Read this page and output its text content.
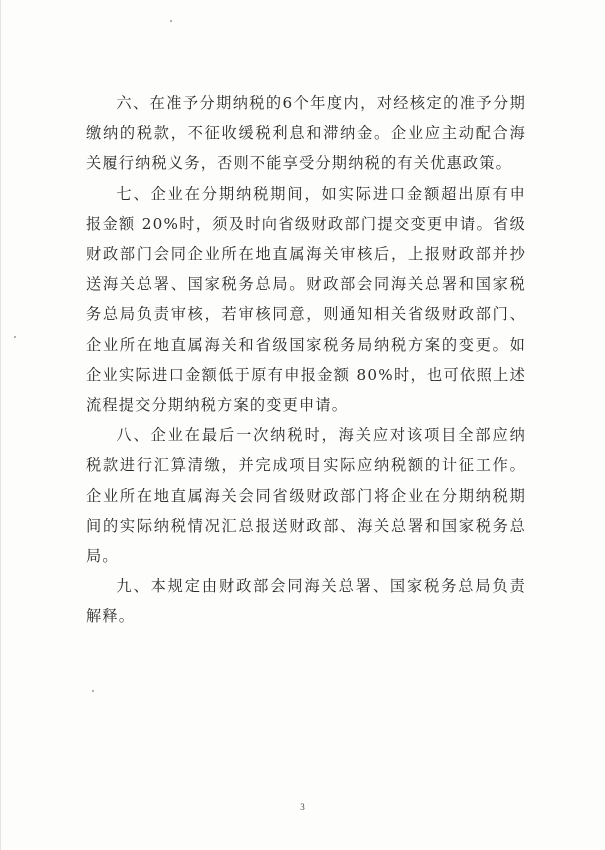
六、在准予分期纳税的6个年度内，对经核定的准予分期缴纳的税款，不征收缓税利息和滞纳金。企业应主动配合海关履行纳税义务，否则不能享受分期纳税的有关优惠政策。

七、企业在分期纳税期间，如实际进口金额超出原有申报金额 20%时，须及时向省级财政部门提交变更申请。省级财政部门会同企业所在地直属海关审核后，上报财政部并抄送海关总署、国家税务总局。财政部会同海关总署和国家税务总局负责审核，若审核同意，则通知相关省级财政部门、企业所在地直属海关和省级国家税务局纳税方案的变更。如企业实际进口金额低于原有申报金额 80%时，也可依照上述流程提交分期纳税方案的变更申请。

八、企业在最后一次纳税时，海关应对该项目全部应纳税款进行汇算清缴，并完成项目实际应纳税额的计征工作。企业所在地直属海关会同省级财政部门将企业在分期纳税期间的实际纳税情况汇总报送财政部、海关总署和国家税务总局。

九、本规定由财政部会同海关总署、国家税务总局负责解释。

3
